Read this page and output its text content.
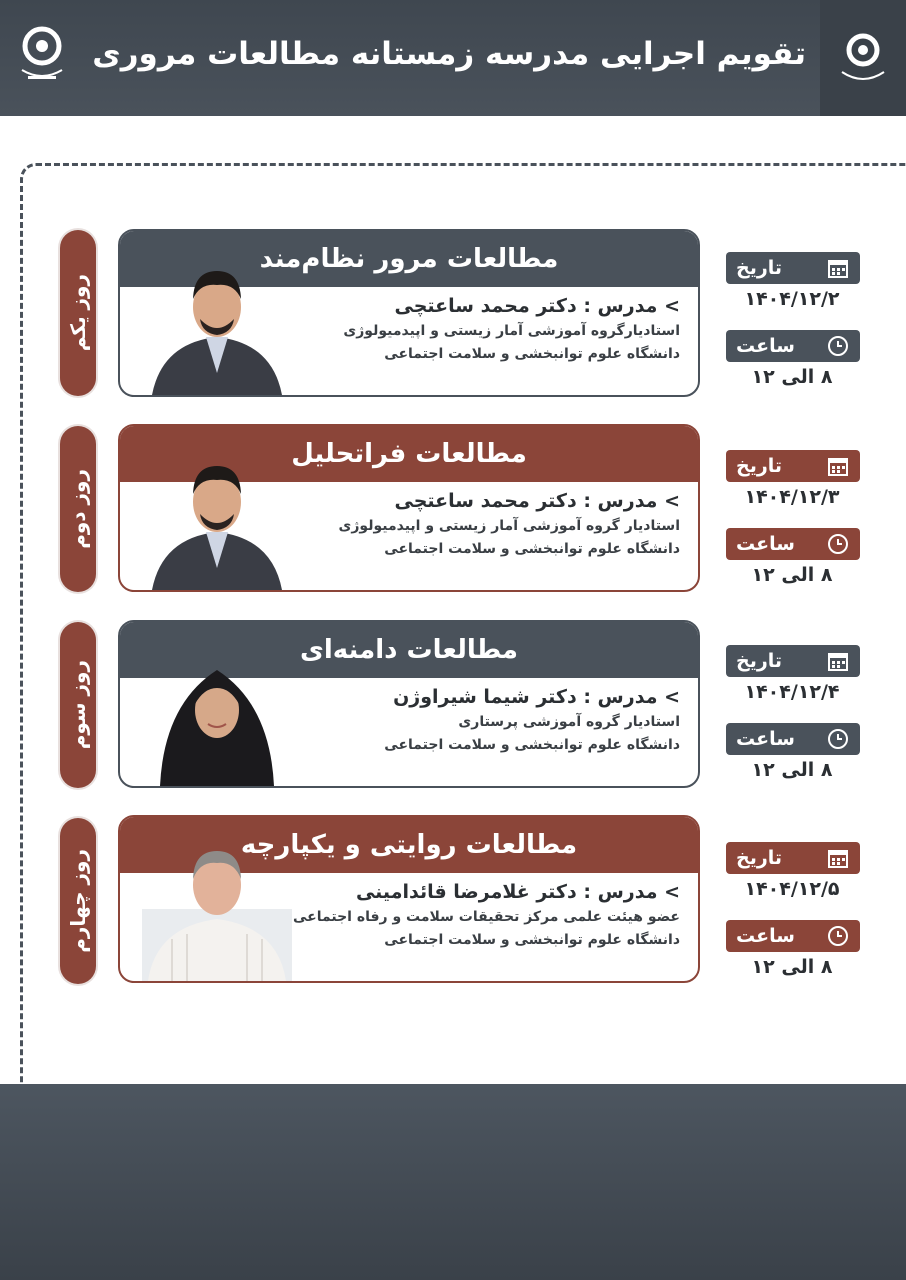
تقویم اجرایی مدرسه زمستانه مطالعات مروری
روز یکم
مطالعات مرور نظام‌مند
> مدرس : دکتر محمد ساعتچی
استادیارگروه آموزشی آمار زیستی و اپیدمیولوژی
دانشگاه علوم توانبخشی و سلامت اجتماعی
تاریخ
۱۴۰۴/۱۲/۲
ساعت
۸ الی ۱۲
روز دوم
مطالعات فراتحلیل
> مدرس : دکتر محمد ساعتچی
استادیار گروه آموزشی آمار زیستی و اپیدمیولوژی
دانشگاه علوم توانبخشی و سلامت اجتماعی
تاریخ
۱۴۰۴/۱۲/۳
ساعت
۸ الی ۱۲
روز سوم
مطالعات دامنه‌ای
> مدرس : دکتر شیما شیراوژن
استادیار گروه آموزشی پرستاری
دانشگاه علوم توانبخشی و سلامت اجتماعی
تاریخ
۱۴۰۴/۱۲/۴
ساعت
۸ الی ۱۲
روز چهارم
مطالعات روایتی و یکپارچه
> مدرس : دکتر غلامرضا قائدامینی
عضو هیئت علمی مرکز تحقیقات سلامت و رفاه اجتماعی
دانشگاه علوم توانبخشی و سلامت اجتماعی
تاریخ
۱۴۰۴/۱۲/۵
ساعت
۸ الی ۱۲
